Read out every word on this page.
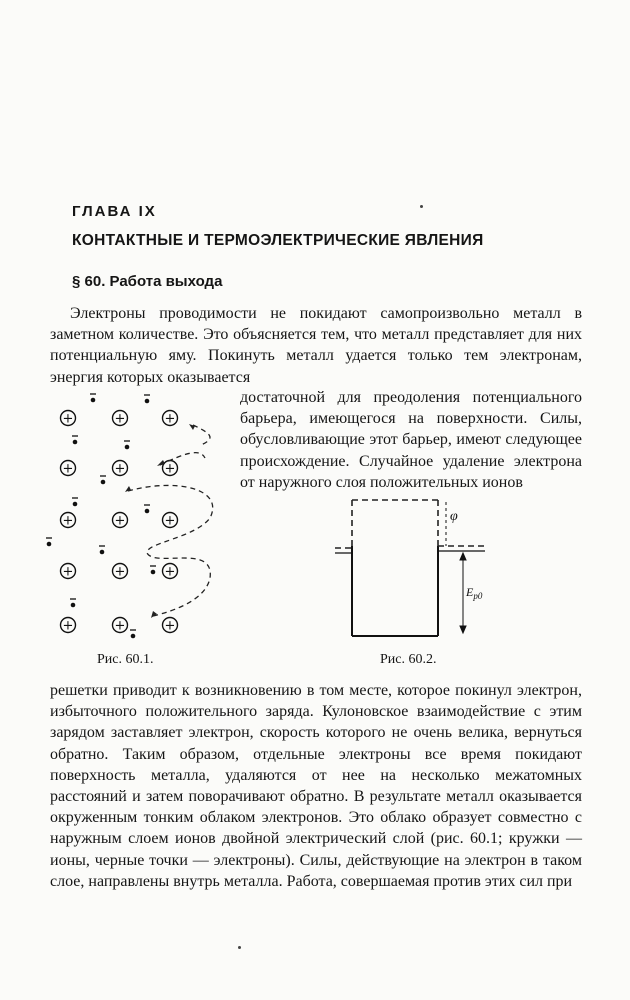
ГЛАВА IX
КОНТАКТНЫЕ И ТЕРМОЭЛЕКТРИЧЕСКИЕ ЯВЛЕНИЯ
§ 60. Работа выхода

Электроны проводимости не покидают самопроизвольно металл в заметном количестве. Это объясняется тем, что металл представляет для них потенциальную яму. Покинуть металл удается только тем электронам, энергия которых оказывается

достаточной для преодоления потенциального барьера, имеющегося на поверхности. Силы, обусловливающие этот барьер, имеют следующее происхождение. Случайное удаление электрона от наружного слоя положительных ионов

+	+	+
+	+	+
+	+	+
+	+	+
+	+	+
Рис. 60.1.
φ
$E_{p0}$
Рис. 60.2.

решетки приводит к возникновению в том месте, которое покинул электрон, избыточного положительного заряда. Кулоновское взаимодействие с этим зарядом заставляет электрон, скорость которого не очень велика, вернуться обратно. Таким образом, отдельные электроны все время покидают поверхность металла, удаляются от нее на несколько межатомных расстояний и затем поворачивают обратно. В результате металл оказывается окруженным тонким облаком электронов. Это облако образует совместно с наружным слоем ионов двойной электрический слой (рис. 60.1; кружки — ионы, черные точки — электроны). Силы, действующие на электрон в таком слое, направлены внутрь металла. Работа, совершаемая против этих сил при
